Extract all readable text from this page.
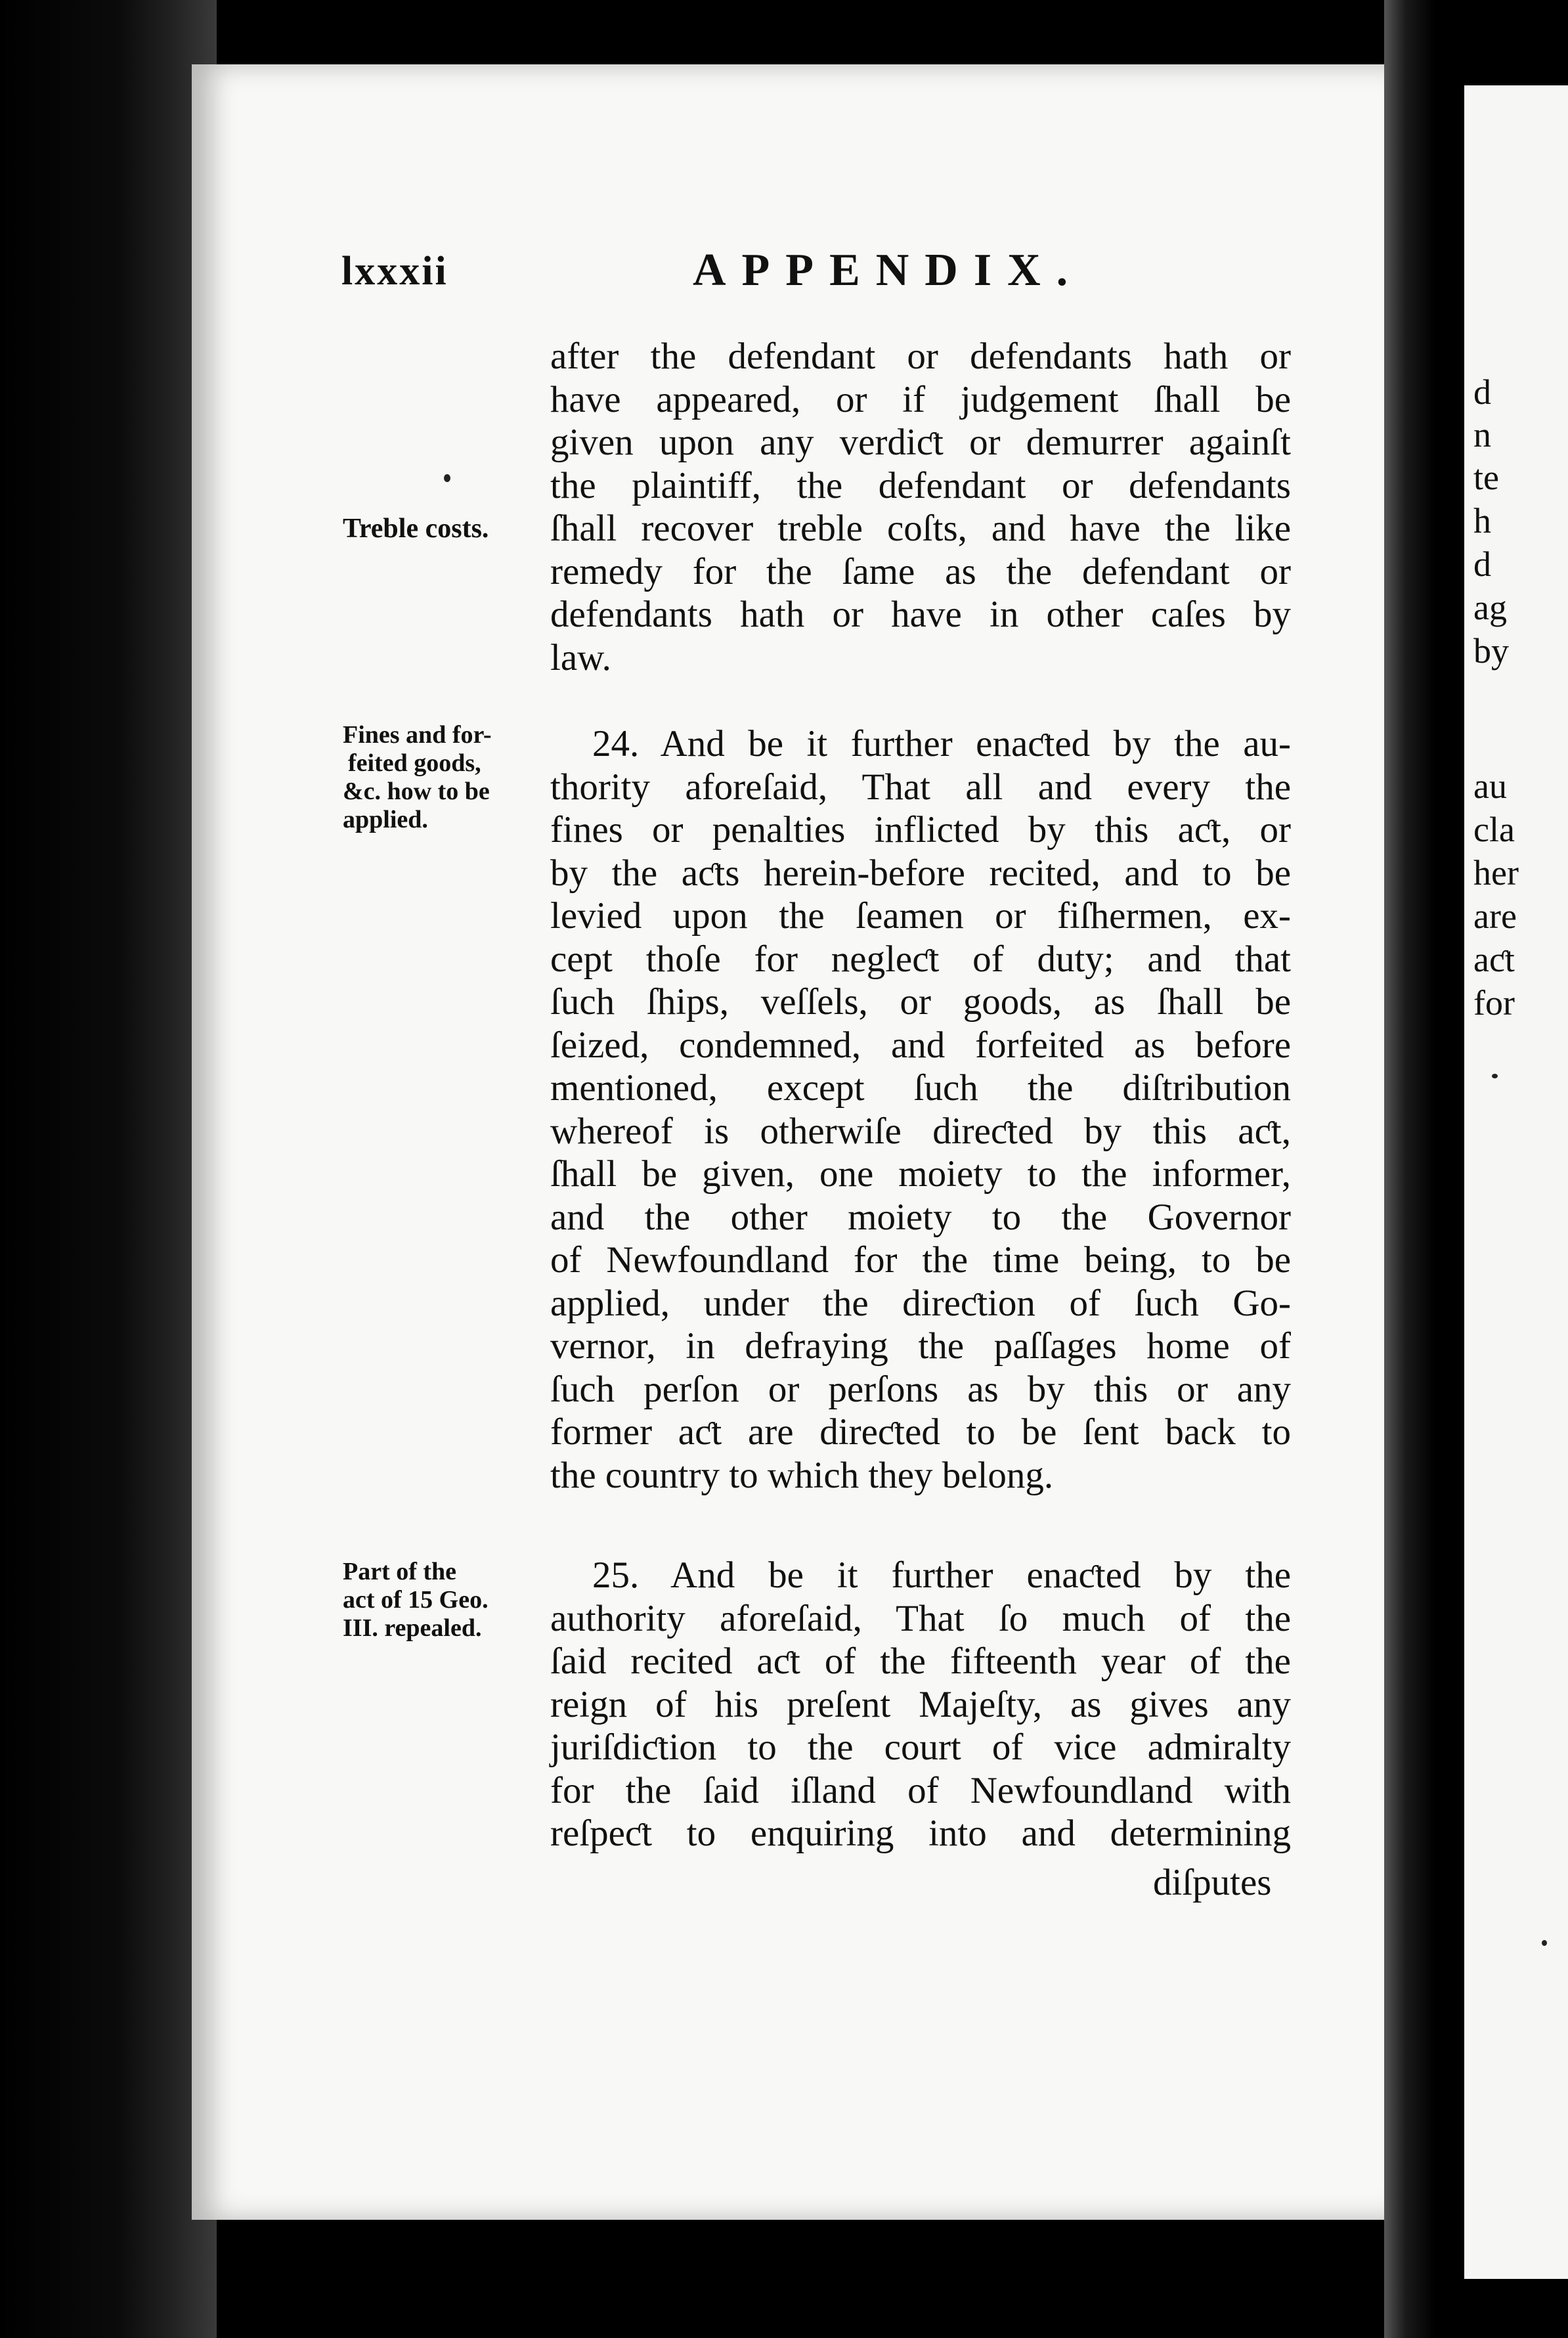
d
n
te
h
d
ag
by
au
cla
her
are
aƈt
for
lxxxii	APPENDIX.
Treble costs.
Fines and for-
feited goods,
&c. how to be
applied.
Part of the
act of 15 Geo.
III. repealed.
after the defendant or defendants hath or
have appeared, or if judgement ſhall be
given upon any verdiƈt or demurrer againſt
the plaintiff, the defendant or defendants
ſhall recover treble coſts, and have the like
remedy for the ſame as the defendant or
defendants hath or have in other caſes by
law.
24. And be it further enaƈted by the au-
thority aforeſaid, That all and every the
fines or penalties inflicted by this aƈt, or
by the aƈts herein-before recited, and to be
levied upon the ſeamen or fiſhermen, ex-
cept thoſe for negleƈt of duty; and that
ſuch ſhips, veſſels, or goods, as ſhall be
ſeized, condemned, and forfeited as before
mentioned, except ſuch the diſtribution
whereof is otherwiſe direƈted by this aƈt,
ſhall be given, one moiety to the informer,
and the other moiety to the Governor
of Newfoundland for the time being, to be
applied, under the direƈtion of ſuch Go-
vernor, in defraying the paſſages home of
ſuch perſon or perſons as by this or any
former aƈt are direƈted to be ſent back to
the country to which they belong.
25. And be it further enaƈted by the
authority aforeſaid, That ſo much of the
ſaid recited aƈt of the fifteenth year of the
reign of his preſent Majeſty, as gives any
juriſdiƈtion to the court of vice admiralty
for the ſaid iſland of Newfoundland with
reſpeƈt to enquiring into and determining
diſputes
